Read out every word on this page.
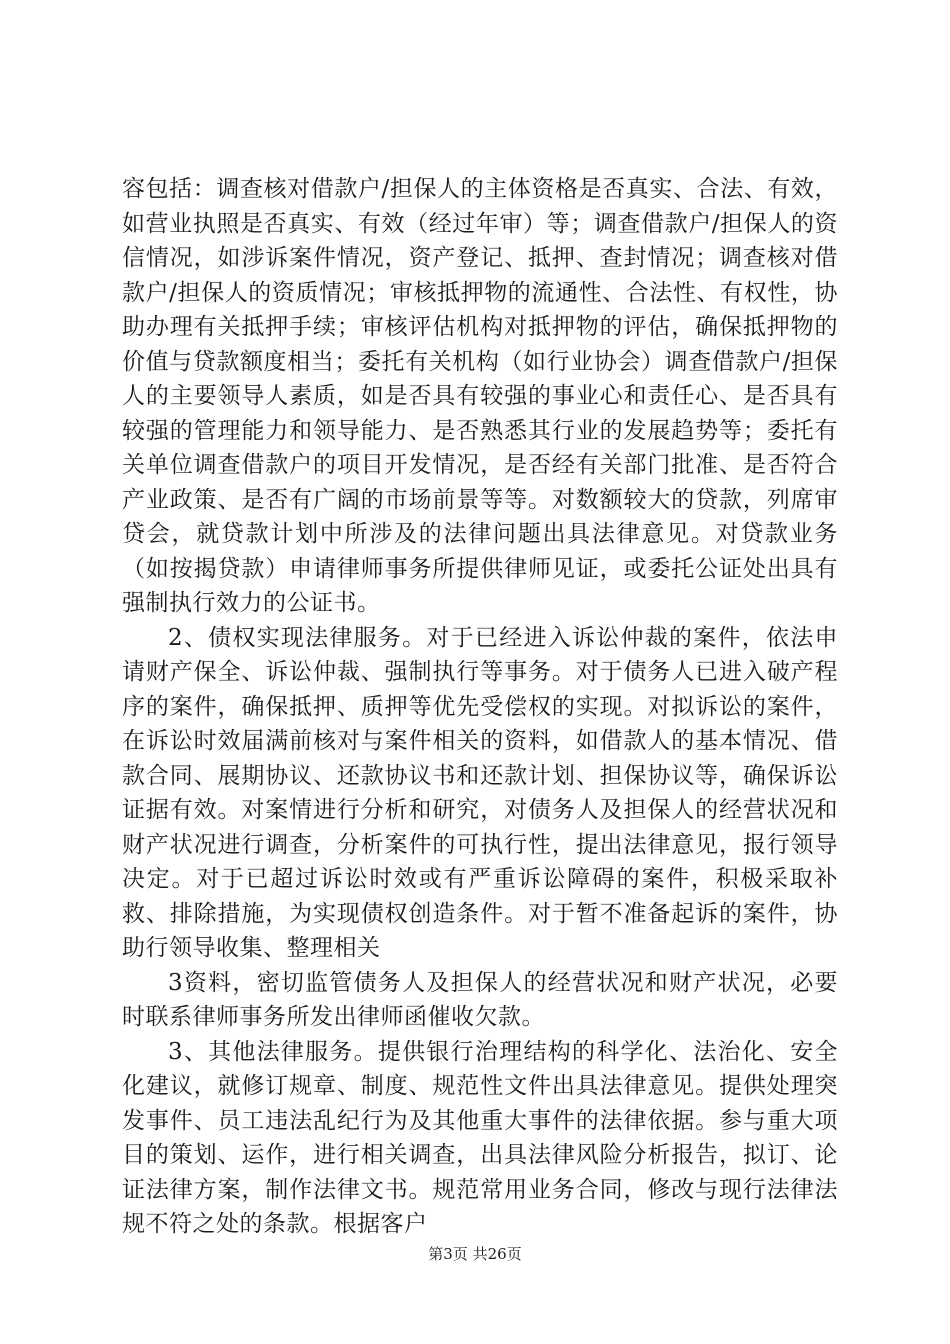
容包括：调查核对借款户/担保人的主体资格是否真实、合法、有效，如营业执照是否真实、有效（经过年审）等；调查借款户/担保人的资信情况，如涉诉案件情况，资产登记、抵押、查封情况；调查核对借款户/担保人的资质情况；审核抵押物的流通性、合法性、有权性，协助办理有关抵押手续；审核评估机构对抵押物的评估，确保抵押物的价值与贷款额度相当；委托有关机构（如行业协会）调查借款户/担保人的主要领导人素质，如是否具有较强的事业心和责任心、是否具有较强的管理能力和领导能力、是否熟悉其行业的发展趋势等；委托有关单位调查借款户的项目开发情况，是否经有关部门批准、是否符合产业政策、是否有广阔的市场前景等等。对数额较大的贷款，列席审贷会，就贷款计划中所涉及的法律问题出具法律意见。对贷款业务（如按揭贷款）申请律师事务所提供律师见证，或委托公证处出具有强制执行效力的公证书。

2、债权实现法律服务。对于已经进入诉讼仲裁的案件，依法申请财产保全、诉讼仲裁、强制执行等事务。对于债务人已进入破产程序的案件，确保抵押、质押等优先受偿权的实现。对拟诉讼的案件，在诉讼时效届满前核对与案件相关的资料，如借款人的基本情况、借款合同、展期协议、还款协议书和还款计划、担保协议等，确保诉讼证据有效。对案情进行分析和研究，对债务人及担保人的经营状况和财产状况进行调查，分析案件的可执行性，提出法律意见，报行领导决定。对于已超过诉讼时效或有严重诉讼障碍的案件，积极采取补救、排除措施，为实现债权创造条件。对于暂不准备起诉的案件，协助行领导收集、整理相关

3资料，密切监管债务人及担保人的经营状况和财产状况，必要时联系律师事务所发出律师函催收欠款。

3、其他法律服务。提供银行治理结构的科学化、法治化、安全化建议，就修订规章、制度、规范性文件出具法律意见。提供处理突发事件、员工违法乱纪行为及其他重大事件的法律依据。参与重大项目的策划、运作，进行相关调查，出具法律风险分析报告，拟订、论证法律方案，制作法律文书。规范常用业务合同，修改与现行法律法规不符之处的条款。根据客户

第3页 共26页
